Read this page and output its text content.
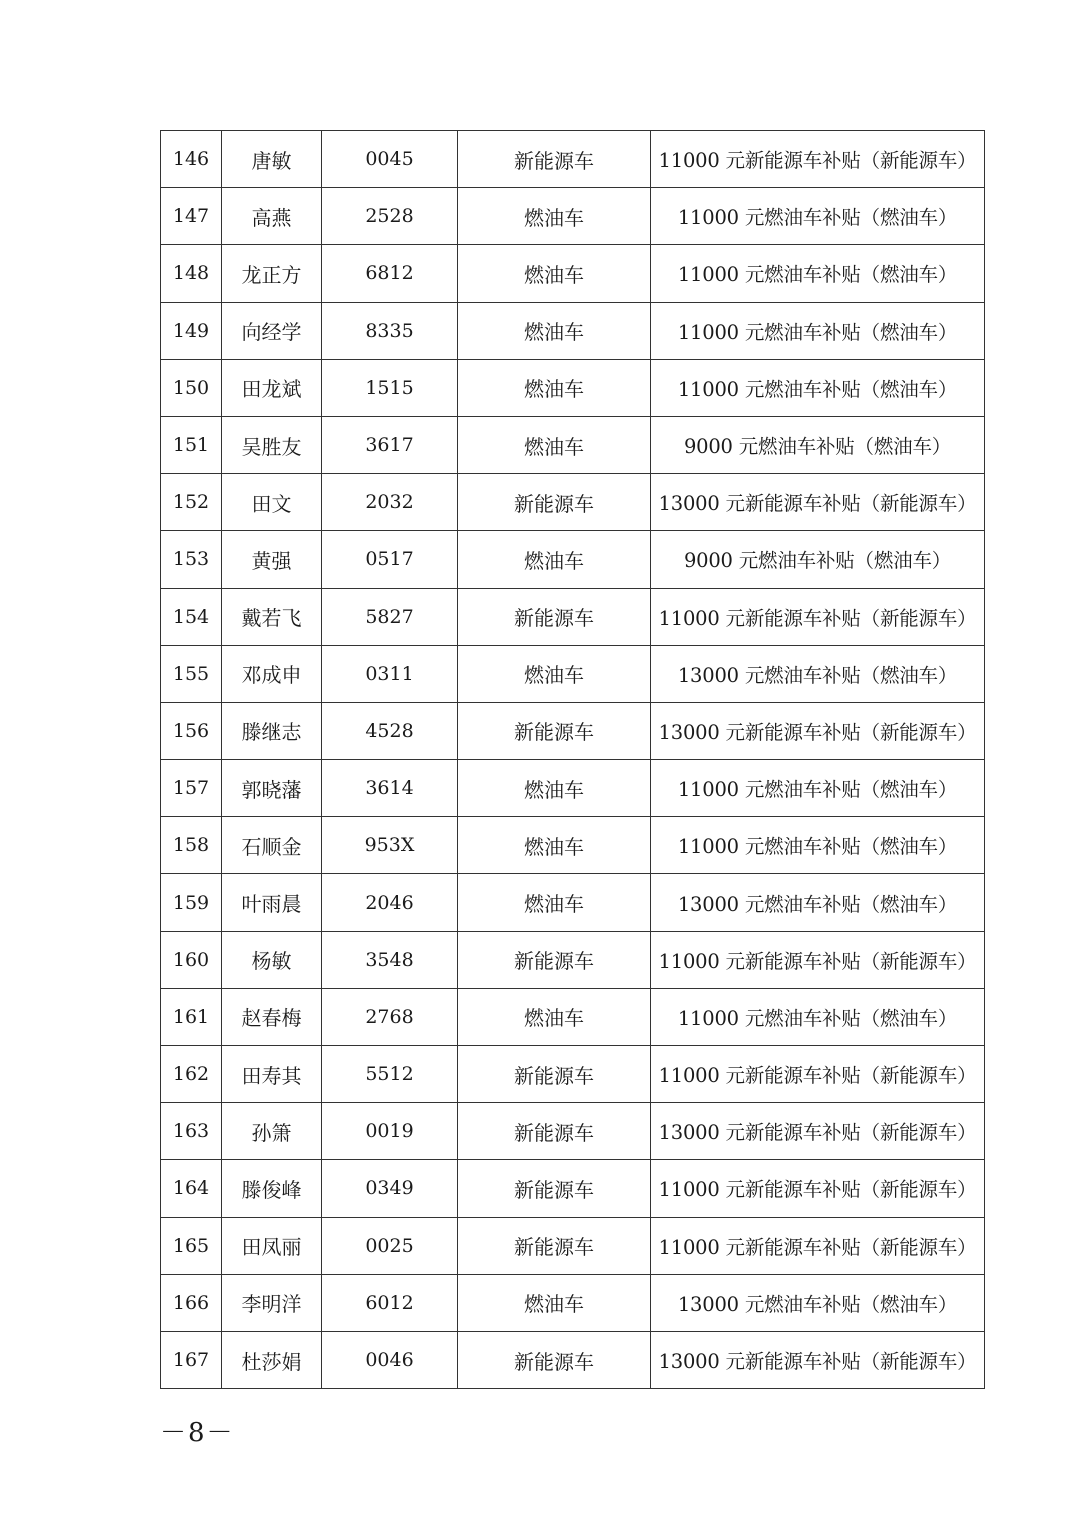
146	唐敏	0045	新能源车	11000 元新能源车补贴（新能源车）
147	高燕	2528	燃油车	11000 元燃油车补贴（燃油车）
148	龙正方	6812	燃油车	11000 元燃油车补贴（燃油车）
149	向经学	8335	燃油车	11000 元燃油车补贴（燃油车）
150	田龙斌	1515	燃油车	11000 元燃油车补贴（燃油车）
151	吴胜友	3617	燃油车	9000 元燃油车补贴（燃油车）
152	田文	2032	新能源车	13000 元新能源车补贴（新能源车）
153	黄强	0517	燃油车	9000 元燃油车补贴（燃油车）
154	戴若飞	5827	新能源车	11000 元新能源车补贴（新能源车）
155	邓成申	0311	燃油车	13000 元燃油车补贴（燃油车）
156	滕继志	4528	新能源车	13000 元新能源车补贴（新能源车）
157	郭晓藩	3614	燃油车	11000 元燃油车补贴（燃油车）
158	石顺金	953X	燃油车	11000 元燃油车补贴（燃油车）
159	叶雨晨	2046	燃油车	13000 元燃油车补贴（燃油车）
160	杨敏	3548	新能源车	11000 元新能源车补贴（新能源车）
161	赵春梅	2768	燃油车	11000 元燃油车补贴（燃油车）
162	田寿其	5512	新能源车	11000 元新能源车补贴（新能源车）
163	孙箫	0019	新能源车	13000 元新能源车补贴（新能源车）
164	滕俊峰	0349	新能源车	11000 元新能源车补贴（新能源车）
165	田凤丽	0025	新能源车	11000 元新能源车补贴（新能源车）
166	李明洋	6012	燃油车	13000 元燃油车补贴（燃油车）
167	杜莎娟	0046	新能源车	13000 元新能源车补贴（新能源车）
－8－
